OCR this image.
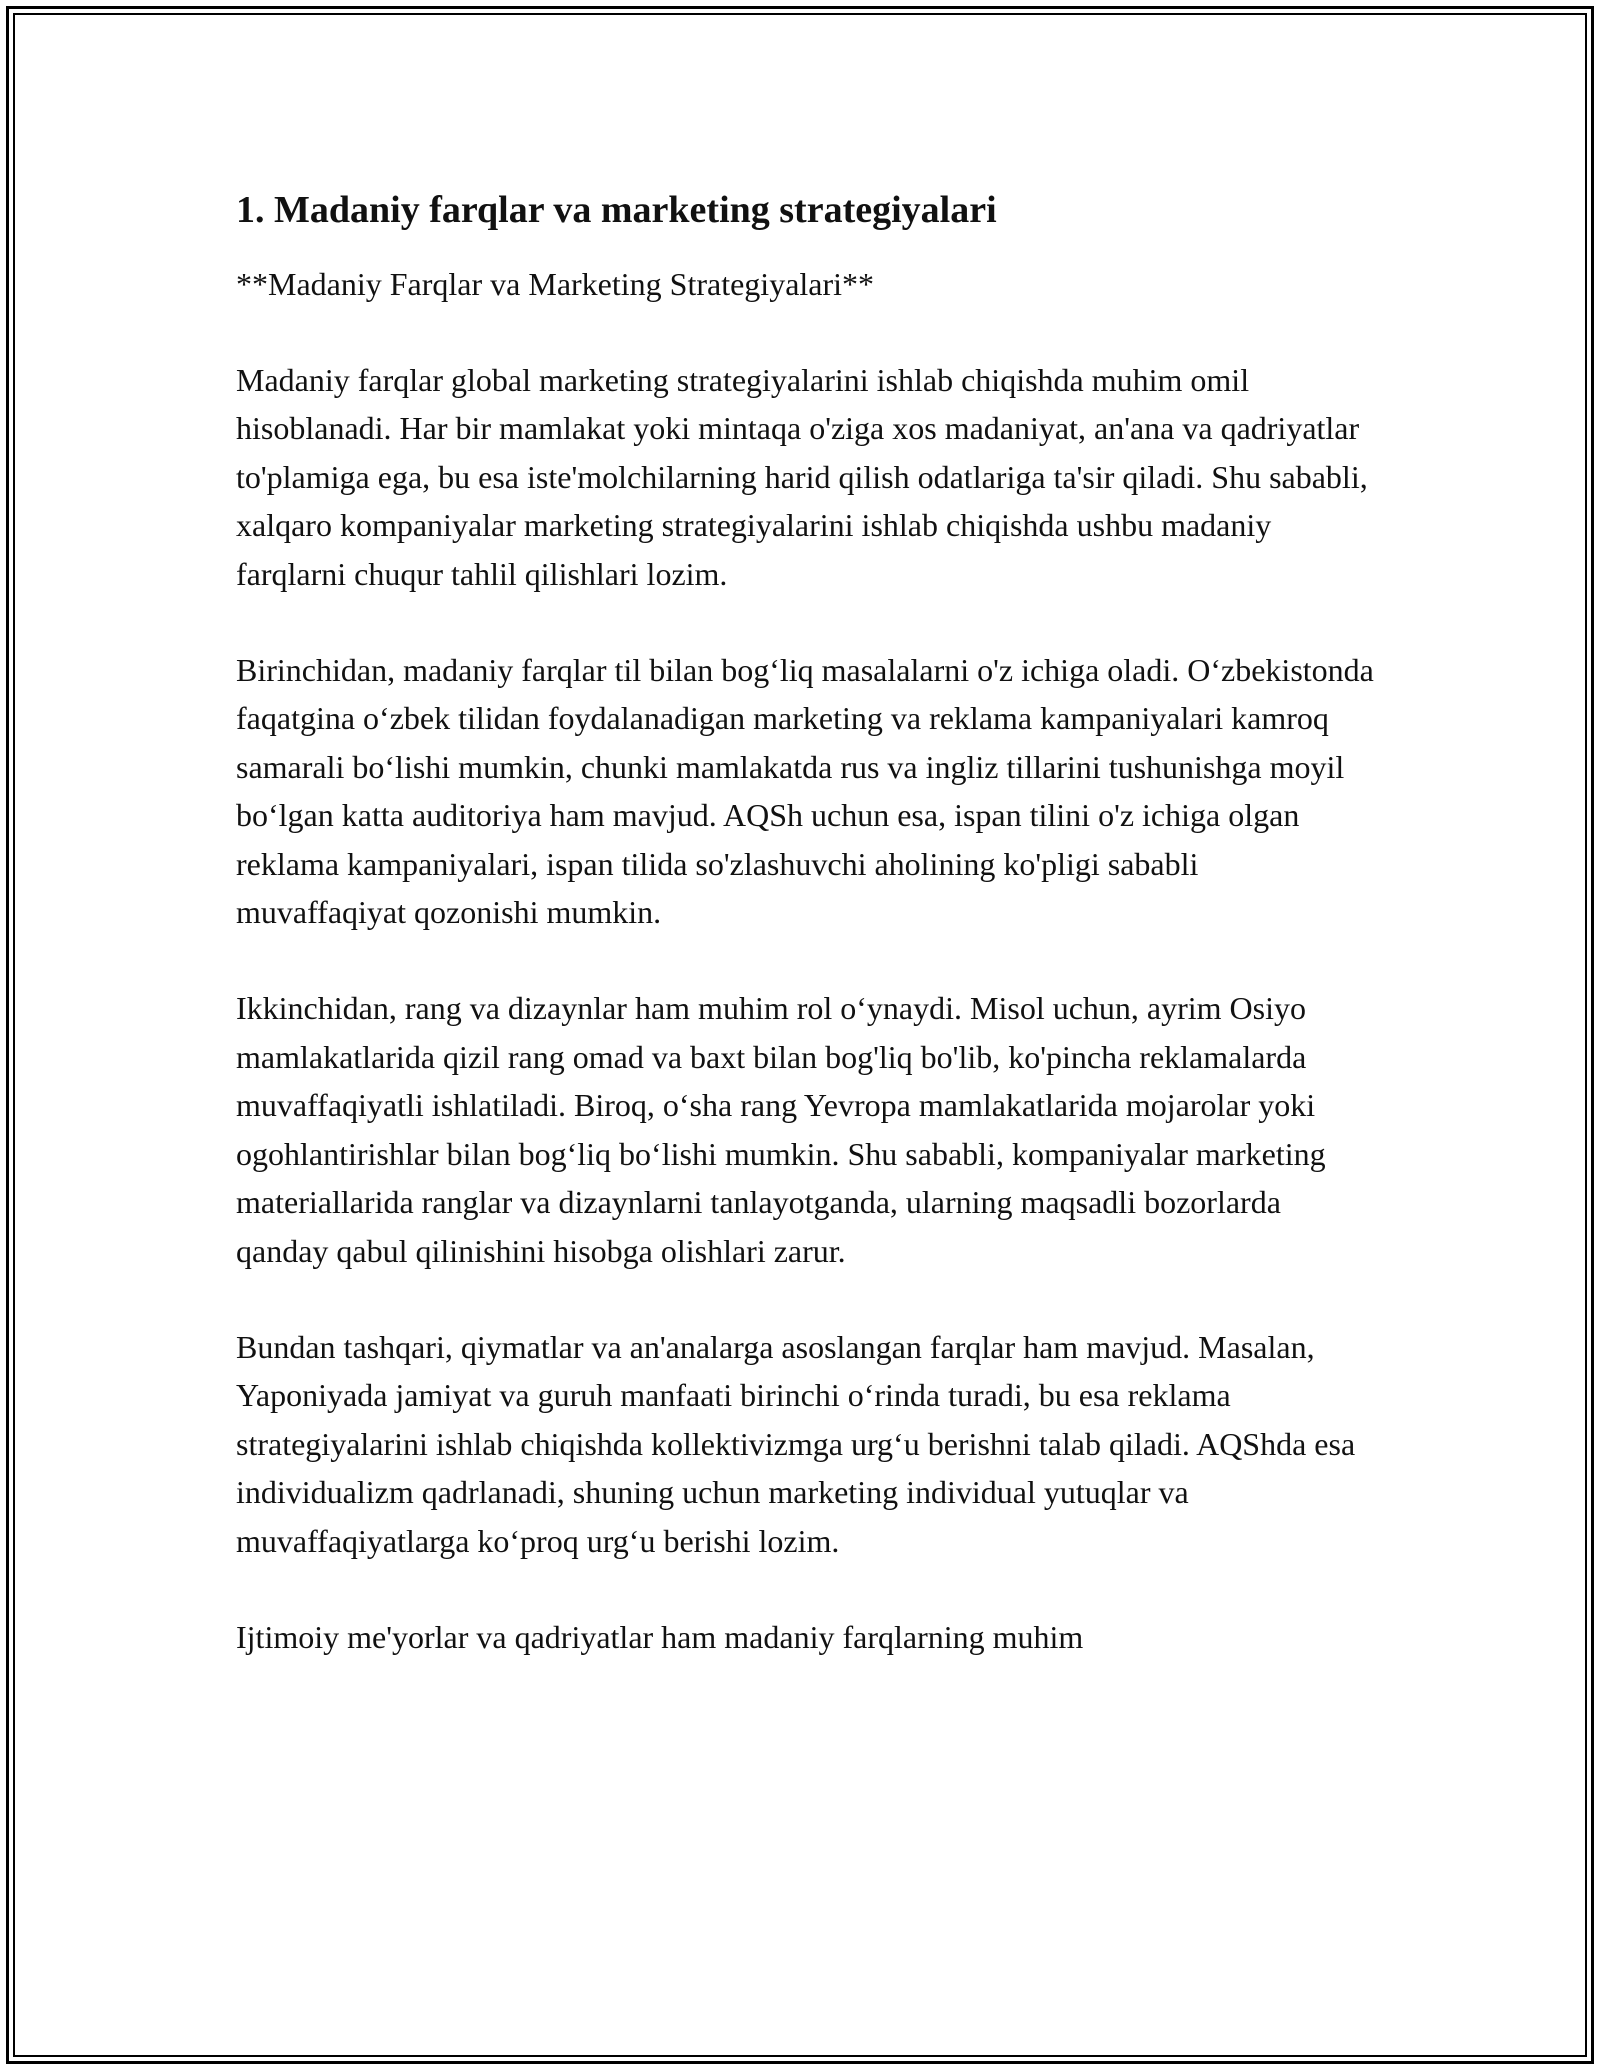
1. Madaniy farqlar va marketing strategiyalari

**Madaniy Farqlar va Marketing Strategiyalari**

Madaniy farqlar global marketing strategiyalarini ishlab chiqishda muhim omil hisoblanadi. Har bir mamlakat yoki mintaqa o'ziga xos madaniyat, an'ana va qadriyatlar to'plamiga ega, bu esa iste'molchilarning harid qilish odatlariga ta'sir qiladi. Shu sababli, xalqaro kompaniyalar marketing strategiyalarini ishlab chiqishda ushbu madaniy farqlarni chuqur tahlil qilishlari lozim.

Birinchidan, madaniy farqlar til bilan bog‘liq masalalarni o'z ichiga oladi. O‘zbekistonda faqatgina o‘zbek tilidan foydalanadigan marketing va reklama kampaniyalari kamroq samarali bo‘lishi mumkin, chunki mamlakatda rus va ingliz tillarini tushunishga moyil bo‘lgan katta auditoriya ham mavjud. AQSh uchun esa, ispan tilini o'z ichiga olgan reklama kampaniyalari, ispan tilida so'zlashuvchi aholining ko'pligi sababli muvaffaqiyat qozonishi mumkin.

Ikkinchidan, rang va dizaynlar ham muhim rol o‘ynaydi. Misol uchun, ayrim Osiyo mamlakatlarida qizil rang omad va baxt bilan bog'liq bo'lib, ko'pincha reklamalarda muvaffaqiyatli ishlatiladi. Biroq, o‘sha rang Yevropa mamlakatlarida mojarolar yoki ogohlantirishlar bilan bog‘liq bo‘lishi mumkin. Shu sababli, kompaniyalar marketing materiallarida ranglar va dizaynlarni tanlayotganda, ularning maqsadli bozorlarda qanday qabul qilinishini hisobga olishlari zarur.

Bundan tashqari, qiymatlar va an'analarga asoslangan farqlar ham mavjud. Masalan, Yaponiyada jamiyat va guruh manfaati birinchi o‘rinda turadi, bu esa reklama strategiyalarini ishlab chiqishda kollektivizmga urg‘u berishni talab qiladi. AQShda esa individualizm qadrlanadi, shuning uchun marketing individual yutuqlar va muvaffaqiyatlarga ko‘proq urg‘u berishi lozim.

Ijtimoiy me'yorlar va qadriyatlar ham madaniy farqlarning muhim
